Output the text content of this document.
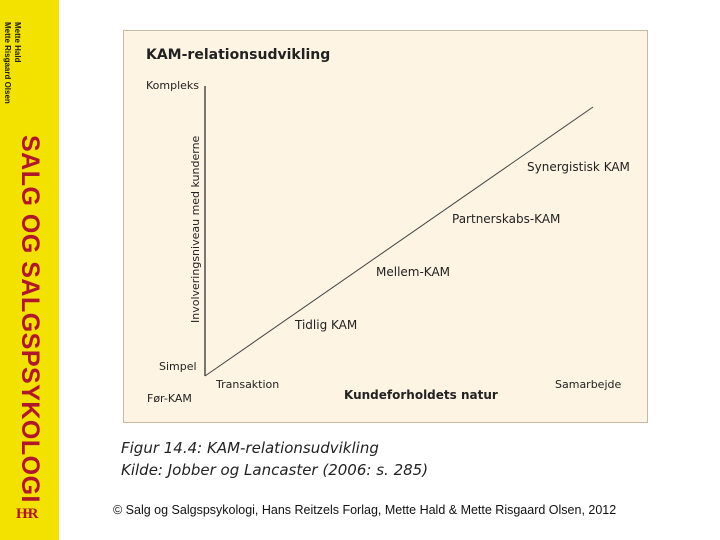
Mette Hald
Mette Risgaard Olsen
SALG OG SALGSPSYKOLOGI
H̶R
KAM-relationsudvikling
Kompleks
Simpel
Involveringsniveau med kunderne
Før-KAM
Transaktion
Kundeforholdets natur
Samarbejde
Tidlig KAM
Mellem-KAM
Partnerskabs-KAM
Synergistisk KAM
Figur 14.4: KAM-relationsudvikling
Kilde: Jobber og Lancaster (2006: s. 285)
© Salg og Salgspsykologi, Hans Reitzels Forlag, Mette Hald & Mette Risgaard Olsen, 2012
